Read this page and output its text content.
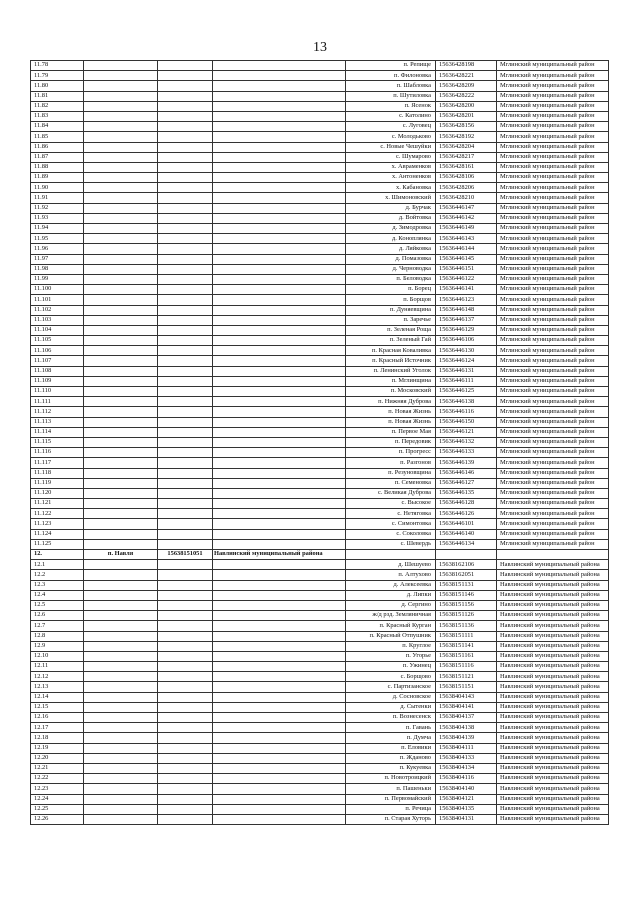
13
11.78				п. Репище	15636428198	Мглинский муниципальный район
11.79				п. Филоновка	15636428221	Мглинский муниципальный район
11.80				п. Шабловка	15636428209	Мглинский муниципальный район
11.81				п. Шутиловка	15636428222	Мглинский муниципальный район
11.82				п. Ясенок	15636428200	Мглинский муниципальный район
11.83				с. Католино	15636428201	Мглинский муниципальный район
11.84				с. Луговец	15636428156	Мглинский муниципальный район
11.85				с. Молодьково	15636428192	Мглинский муниципальный район
11.86				с. Новые Чешуйки	15636428204	Мглинский муниципальный район
11.87				с. Шумарово	15636428217	Мглинский муниципальный район
11.88				х. Авраменков	15636428161	Мглинский муниципальный район
11.89				х. Антоненков	15636428106	Мглинский муниципальный район
11.90				х. Кабановка	15636428206	Мглинский муниципальный район
11.91				х. Шимоновский	15636428210	Мглинский муниципальный район
11.92				д. Бурчак	15636446147	Мглинский муниципальный район
11.93				д. Войтовка	15636446142	Мглинский муниципальный район
11.94				д. Зимодровка	15636446149	Мглинский муниципальный район
11.95				д. Коноплянка	15636446143	Мглинский муниципальный район
11.96				д. Ляйковка	15636446144	Мглинский муниципальный район
11.97				д. Помазовка	15636446145	Мглинский муниципальный район
11.98				д. Черноводка	15636446151	Мглинский муниципальный район
11.99				п. Беловодка	15636446122	Мглинский муниципальный район
11.100				п. Борец	15636446141	Мглинский муниципальный район
11.101				п. Борщов	15636446123	Мглинский муниципальный район
11.102				п. Дуняевщина	15636446148	Мглинский муниципальный район
11.103				п. Заречье	15636446137	Мглинский муниципальный район
11.104				п. Зеленая Роща	15636446129	Мглинский муниципальный район
11.105				п. Зеленый Гай	15636446106	Мглинский муниципальный район
11.106				п. Красная Коваливка	15636446130	Мглинский муниципальный район
11.107				п. Красный Источник	15636446124	Мглинский муниципальный район
11.108				п. Ленинский Уголок	15636446131	Мглинский муниципальный район
11.109				п. Мглинщина	15636446111	Мглинский муниципальный район
11.110				п. Московский	15636446125	Мглинский муниципальный район
11.111				п. Нижняя Дуброва	15636446138	Мглинский муниципальный район
11.112				п. Новая Жизнь	15636446116	Мглинский муниципальный район
11.113				п. Новая Жизнь	15636446150	Мглинский муниципальный район
11.114				п. Первое Мая	15636446121	Мглинский муниципальный район
11.115				п. Передовик	15636446132	Мглинский муниципальный район
11.116				п. Прогресс	15636446133	Мглинский муниципальный район
11.117				п. Разгонов	15636446139	Мглинский муниципальный район
11.118				п. Резуновщина	15636446146	Мглинский муниципальный район
11.119				п. Семеновка	15636446127	Мглинский муниципальный район
11.120				с. Великая Дуброва	15636446135	Мглинский муниципальный район
11.121				с. Высокое	15636446128	Мглинский муниципальный район
11.122				с. Нетяговка	15636446126	Мглинский муниципальный район
11.123				с. Симонтовка	15636446101	Мглинский муниципальный район
11.124				с. Соколовка	15636446140	Мглинский муниципальный район
11.125				с. Шевердь	15636446134	Мглинский муниципальный район
12.	п. Навля	15638151051	Навлинский муниципальный района			
12.1				д. Шешуево	15638162106	Навлинский муниципальный района
12.2				п. Алтухово	15638162051	Навлинский муниципальный района
12.3				д. Алексеевка	15638151131	Навлинский муниципальный района
12.4				д. Липки	15638151146	Навлинский муниципальный района
12.5				д. Сергино	15638151156	Навлинский муниципальный района
12.6				ж/д рзд. Земляничная	15638151126	Навлинский муниципальный района
12.7				п. Красный Курган	15638151136	Навлинский муниципальный района
12.8				п. Красный Отпушник	15638151111	Навлинский муниципальный района
12.9				п. Круглое	15638151141	Навлинский муниципальный района
12.10				п. Угорье	15638151161	Навлинский муниципальный района
12.11				п. Ужинец	15638151116	Навлинский муниципальный района
12.12				с. Борщово	15638151121	Навлинский муниципальный района
12.13				с. Партизанское	15638151151	Навлинский муниципальный района
12.14				д. Сосновское	15638404143	Навлинский муниципальный района
12.15				д. Сытенки	15638404141	Навлинский муниципальный района
12.16				п. Вознесенск	15638404137	Навлинский муниципальный района
12.17				п. Гавань	15638404138	Навлинский муниципальный района
12.18				п. Думча	15638404139	Навлинский муниципальный района
12.19				п. Еловики	15638404111	Навлинский муниципальный района
12.20				п. Жданово	15638404133	Навлинский муниципальный района
12.21				п. Кукуевка	15638404134	Навлинский муниципальный района
12.22				п. Новотроицкий	15638404116	Навлинский муниципальный района
12.23				п. Пашеньки	15638404140	Навлинский муниципальный района
12.24				п. Первомайский	15638404121	Навлинский муниципальный района
12.25				п. Речица	15638404135	Навлинский муниципальный района
12.26				п. Старая Хуторь	15638404131	Навлинский муниципальный района
